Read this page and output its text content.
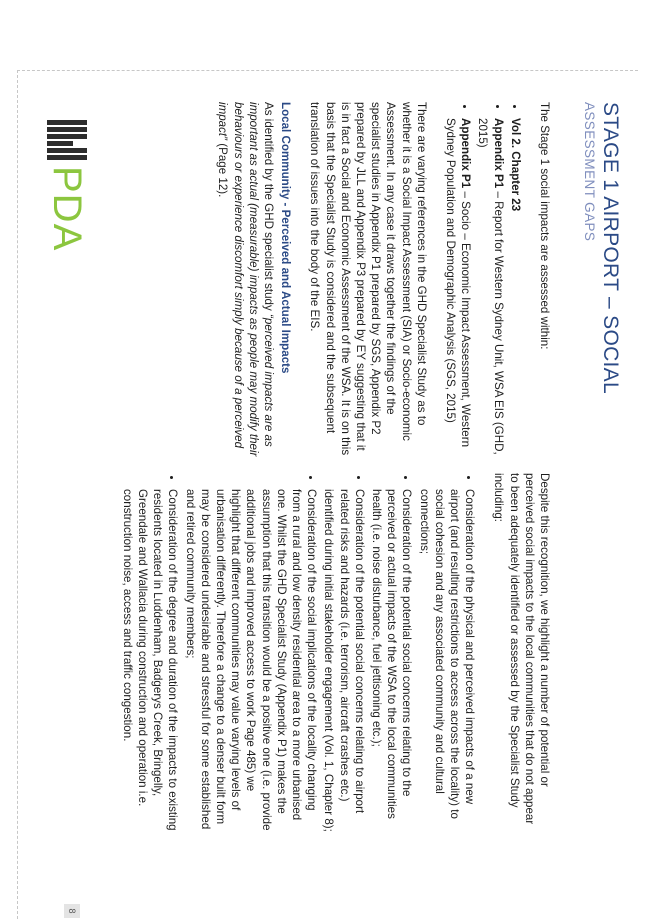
STAGE 1 AIRPORT – SOCIAL
ASSESSMENT GAPS

The Stage 1 social impacts are assessed within:

• Vol 2. Chapter 23
• Appendix P1 – Report for Western Sydney Unit, WSA EIS (GHD, 2015)
• Appendix P1 – Socio – Economic Impact Assessment, Western Sydney Population and Demographic Analysis (SGS, 2015)

There are varying references in the GHD Specialist Study as to whether it is a Social Impact Assessment (SIA) or Socio-economic Assessment. In any case it draws together the findings of the specialist studies in Appendix P1 prepared by SGS, Appendix P2 prepared by JLL and Appendix P3 prepared by EY suggesting that it is in fact a Social and Economic Assessment of the WSA. It is on this basis that the Specialist Study is considered and the subsequent translation of issues into the body of the EIS.

Local Community - Perceived and Actual Impacts

As identified by the GHD specialist study “perceived impacts are as important as actual (measurable) impacts as people may modify their behaviours or experience discomfort simply because of a perceived impact” (Page 12).

Despite this recognition, we highlight a number of potential or perceived social impacts to the local communities that do not appear to been adequately identified or assessed by the Specialist Study including:

• Consideration of the physical and perceived impacts of a new airport (and resulting restrictions to access across the locality) to social cohesion and any associated community and cultural connections;
• Consideration of the potential social concerns relating to the perceived or actual impacts of the WSA to the local communities health (i.e. noise disturbance, fuel jettisoning etc.);
• Consideration of the potential social concerns relating to airport related risks and hazards (i.e. terrorism, aircraft crashes etc.) identified during initial stakeholder engagement (Vol. 1, Chapter 8);
• Consideration of the social implications of the locality changing from a rural and low density residential area to a more urbanised one. Whilst the GHD Specialist Study (Appendix P1) makes the assumption that this transition would be a positive one (i.e. provide additional jobs and improved access to work Page 485) we highlight that different communities may value varying levels of urbanisation differently. Therefore a change to a denser built form may be considered undesirable and stressful for some established and retired community members;
• Consideration of the degree and duration of the impacts to existing residents located in Luddenham, Badgerys Creek, Bringelly, Greendale and Wallacia during construction and operation i.e. construction noise, access and traffic congestion.
PDA
8
